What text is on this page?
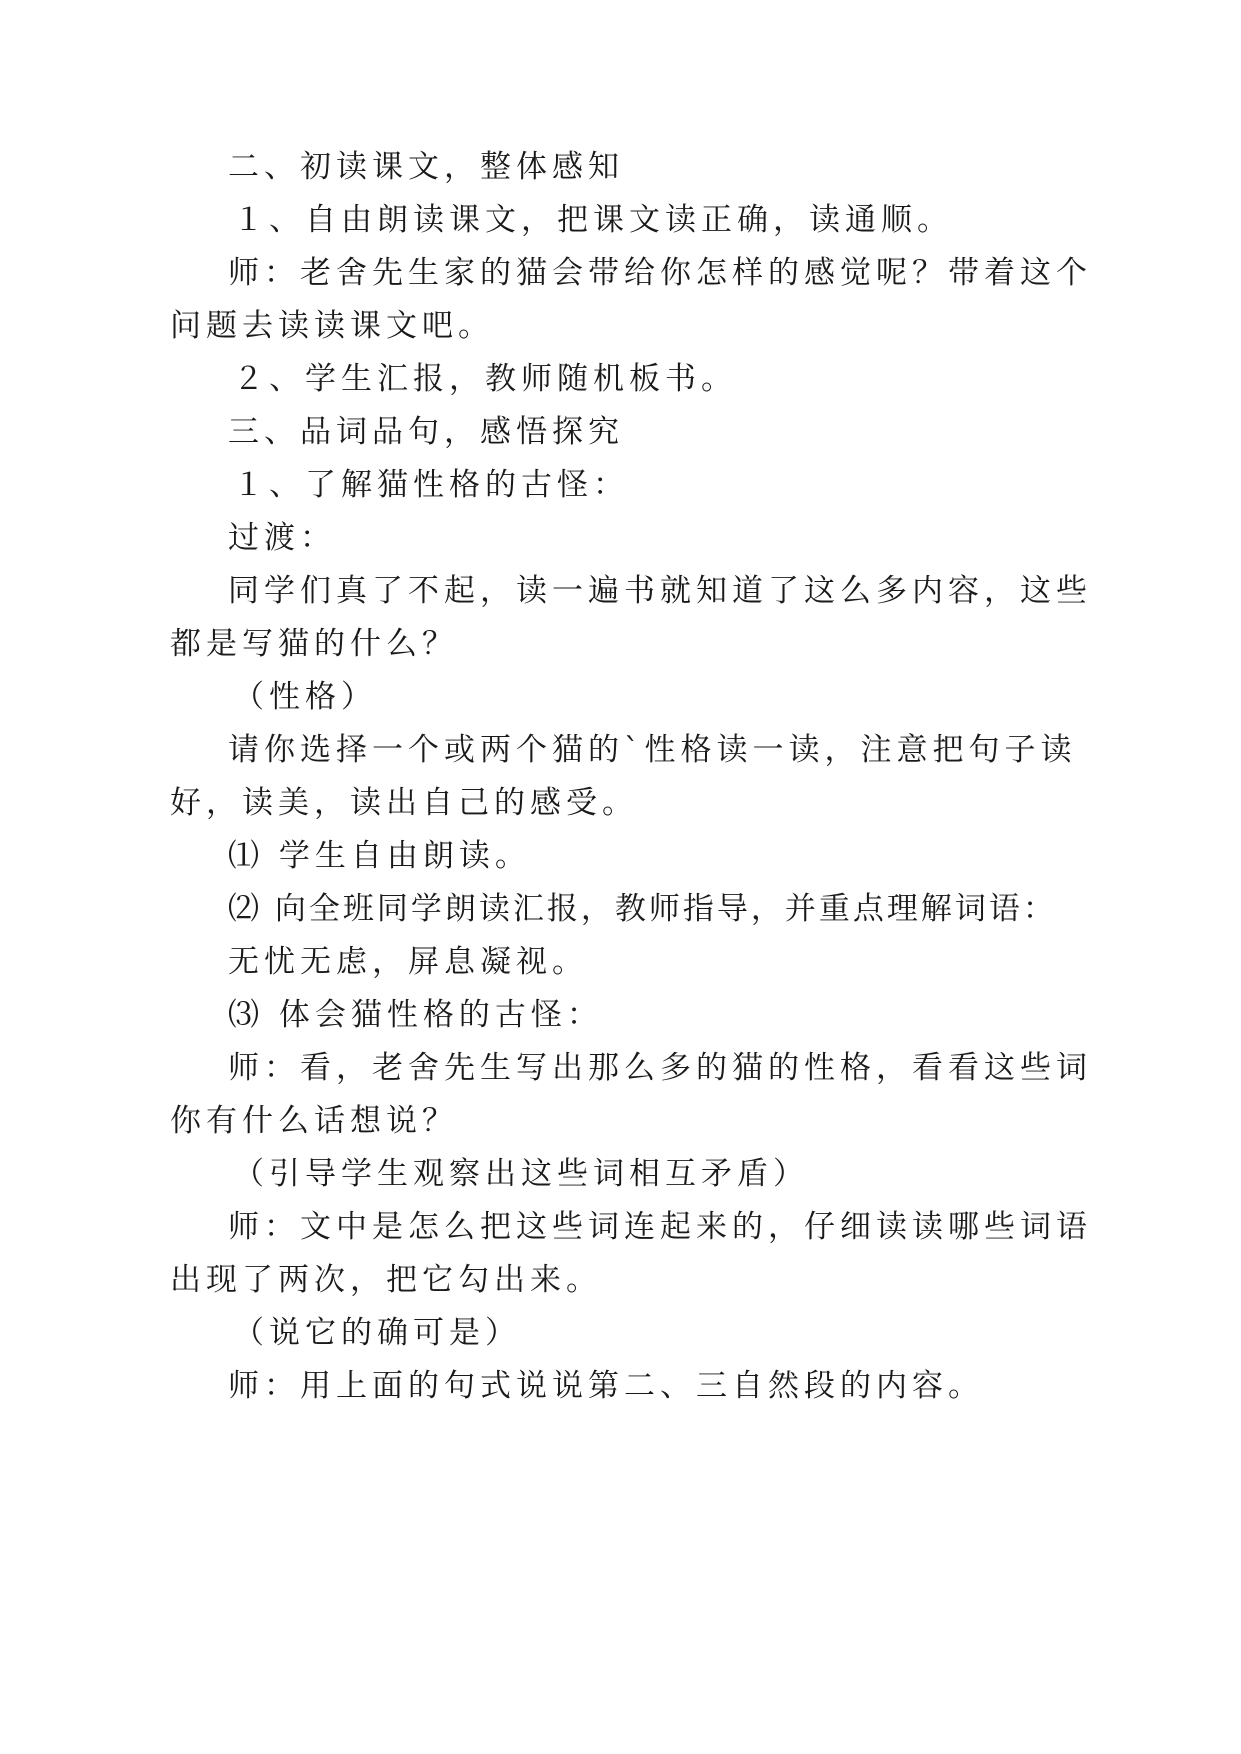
二、初读课文，整体感知
１、自由朗读课文，把课文读正确，读通顺。
师：老舍先生家的猫会带给你怎样的感觉呢？带着这个
问题去读读课文吧。
２、学生汇报，教师随机板书。
三、品词品句，感悟探究
１、了解猫性格的古怪：
过渡：
同学们真了不起，读一遍书就知道了这么多内容，这些
都是写猫的什么？
（性格）
请你选择一个或两个猫的`性格读一读，注意把句子读
好，读美，读出自己的感受。
⑴ 学生自由朗读。
⑵ 向全班同学朗读汇报，教师指导，并重点理解词语：
无忧无虑，屏息凝视。
⑶ 体会猫性格的古怪：
师：看，老舍先生写出那么多的猫的性格，看看这些词
你有什么话想说？
（引导学生观察出这些词相互矛盾）
师：文中是怎么把这些词连起来的，仔细读读哪些词语
出现了两次，把它勾出来。
（说它的确可是）
师：用上面的句式说说第二、三自然段的内容。
